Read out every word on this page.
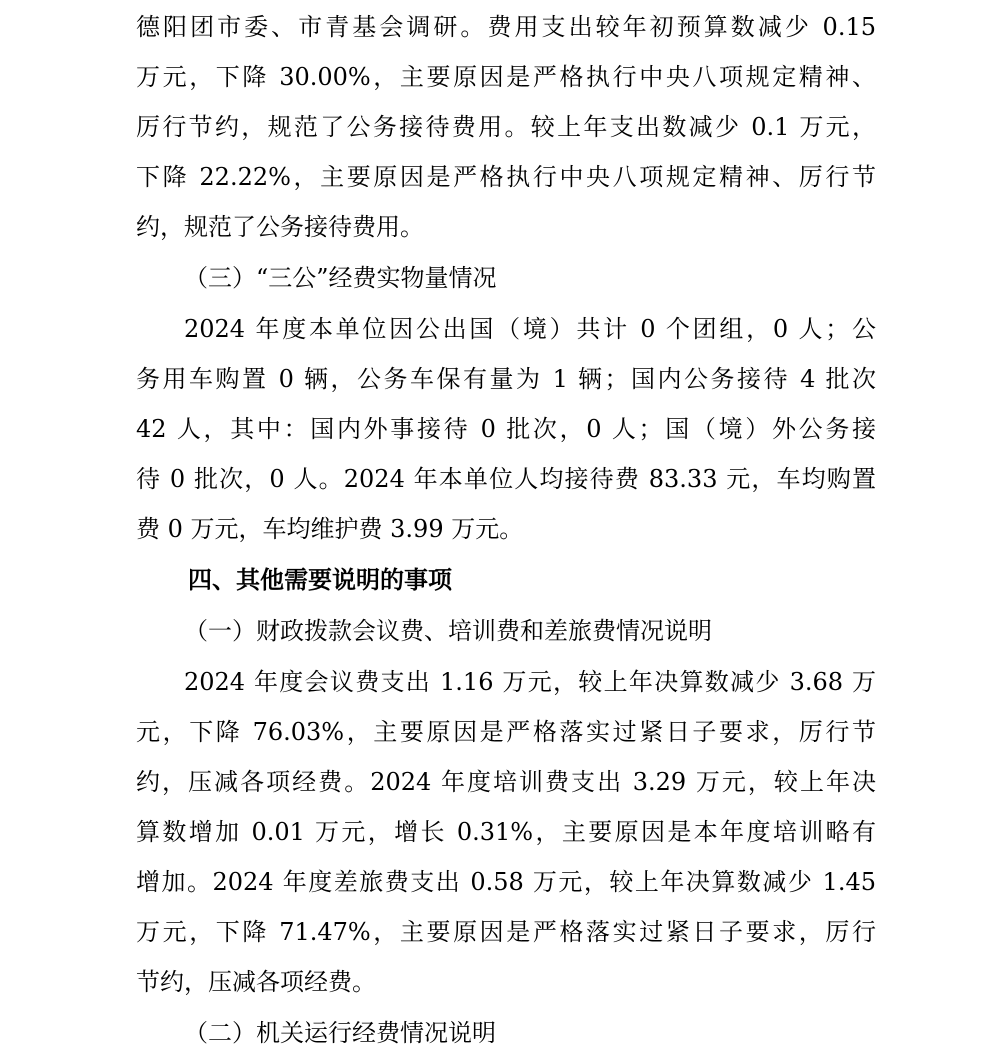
德阳团市委、市青基会调研。费用支出较年初预算数减少 0.15
万元，下降 30.00%，主要原因是严格执行中央八项规定精神、
厉行节约，规范了公务接待费用。较上年支出数减少 0.1 万元，
下降 22.22%，主要原因是严格执行中央八项规定精神、厉行节
约，规范了公务接待费用。
（三）“三公”经费实物量情况
2024 年度本单位因公出国（境）共计 0 个团组，0 人；公
务用车购置 0 辆，公务车保有量为 1 辆；国内公务接待 4 批次
42 人，其中：国内外事接待 0 批次，0 人；国（境）外公务接
待 0 批次，0 人。2024 年本单位人均接待费 83.33 元，车均购置
费 0 万元，车均维护费 3.99 万元。
四、其他需要说明的事项
（一）财政拨款会议费、培训费和差旅费情况说明
2024 年度会议费支出 1.16 万元，较上年决算数减少 3.68 万
元，下降 76.03%，主要原因是严格落实过紧日子要求，厉行节
约，压减各项经费。2024 年度培训费支出 3.29 万元，较上年决
算数增加 0.01 万元，增长 0.31%，主要原因是本年度培训略有
增加。2024 年度差旅费支出 0.58 万元，较上年决算数减少 1.45
万元，下降 71.47%，主要原因是严格落实过紧日子要求，厉行
节约，压减各项经费。
（二）机关运行经费情况说明
